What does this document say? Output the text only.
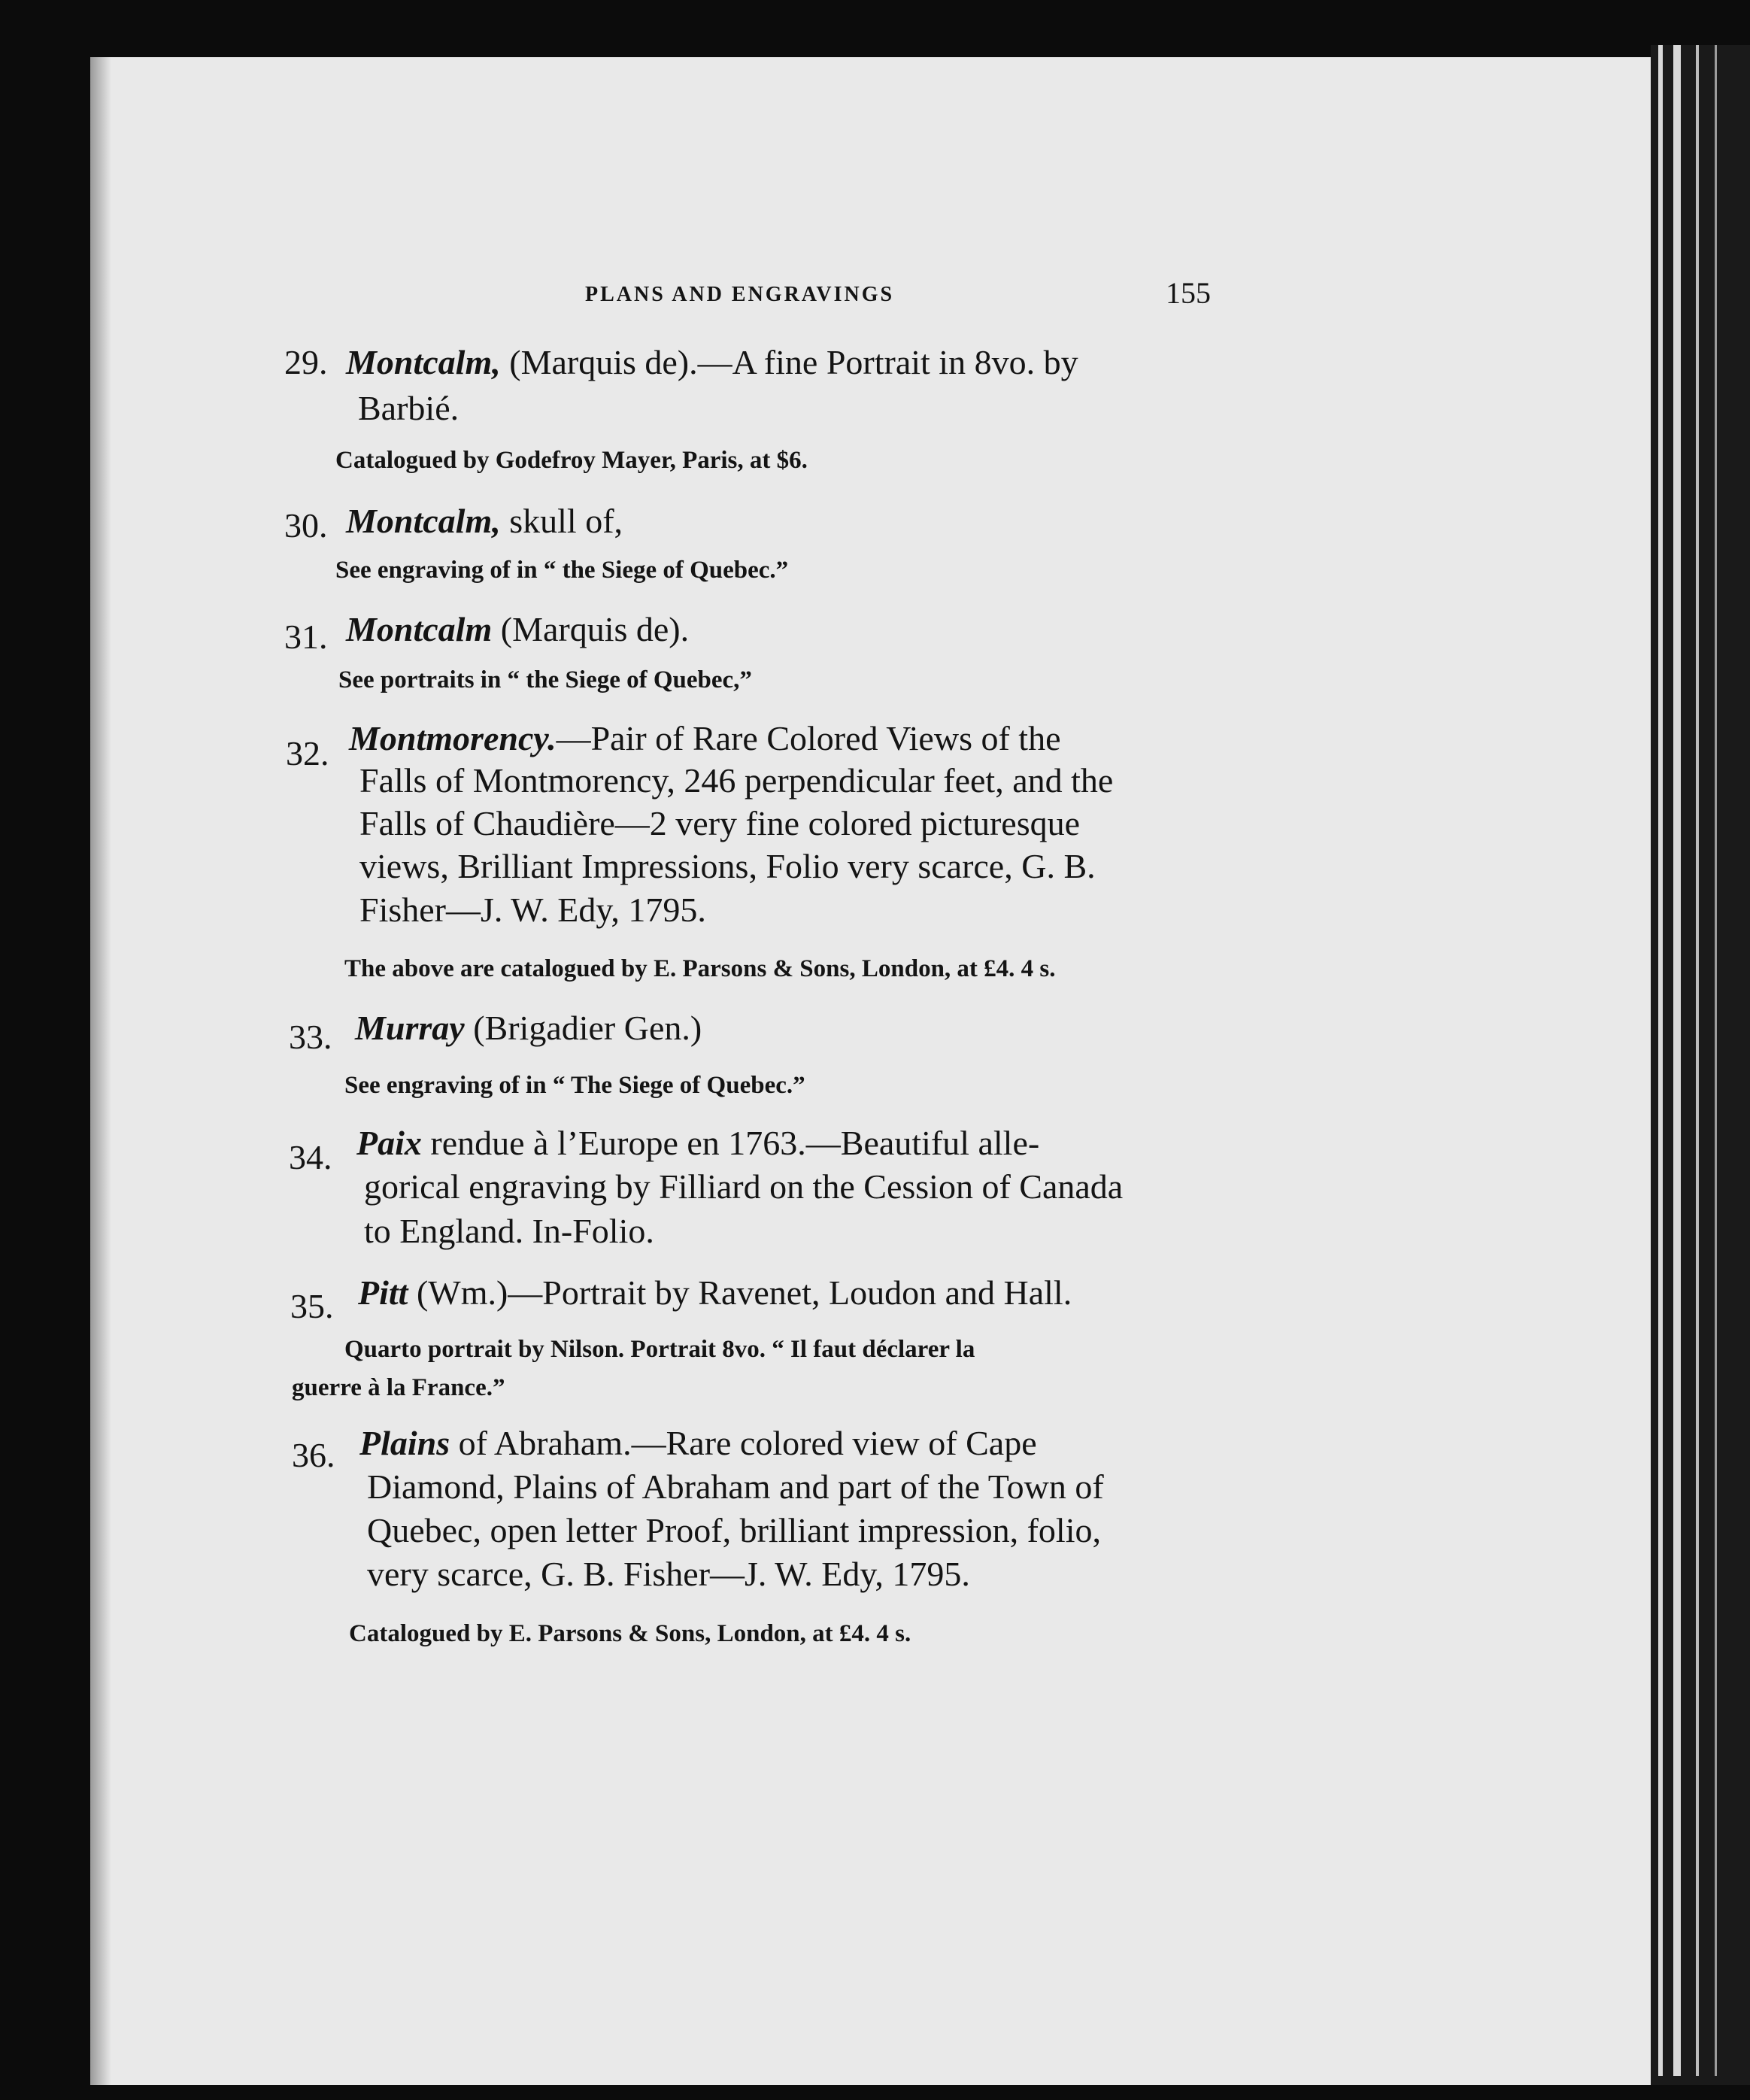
PLANS AND ENGRAVINGS	155
29. Montcalm, (Marquis de).—A fine Portrait in 8vo. by
Barbié.
Catalogued by Godefroy Mayer, Paris, at $6.
30. Montcalm, skull of,
See engraving of in “ the Siege of Quebec.”
31. Montcalm (Marquis de).
See portraits in “ the Siege of Quebec,”
32. Montmorency.—Pair of Rare Colored Views of the
Falls of Montmorency, 246 perpendicular feet, and the
Falls of Chaudière—2 very fine colored picturesque
views, Brilliant Impressions, Folio very scarce, G. B.
Fisher—J. W. Edy, 1795.
The above are catalogued by E. Parsons & Sons, London, at £4. 4 s.
33. Murray (Brigadier Gen.)
See engraving of in “ The Siege of Quebec.”
34. Paix rendue à l’Europe en 1763.—Beautiful alle-
gorical engraving by Filliard on the Cession of Canada
to England. In-Folio.
35. Pitt (Wm.)—Portrait by Ravenet, Loudon and Hall.
Quarto portrait by Nilson. Portrait 8vo. “ Il faut déclarer la
guerre à la France.”
36. Plains of Abraham.—Rare colored view of Cape
Diamond, Plains of Abraham and part of the Town of
Quebec, open letter Proof, brilliant impression, folio,
very scarce, G. B. Fisher—J. W. Edy, 1795.
Catalogued by E. Parsons & Sons, London, at £4. 4 s.
